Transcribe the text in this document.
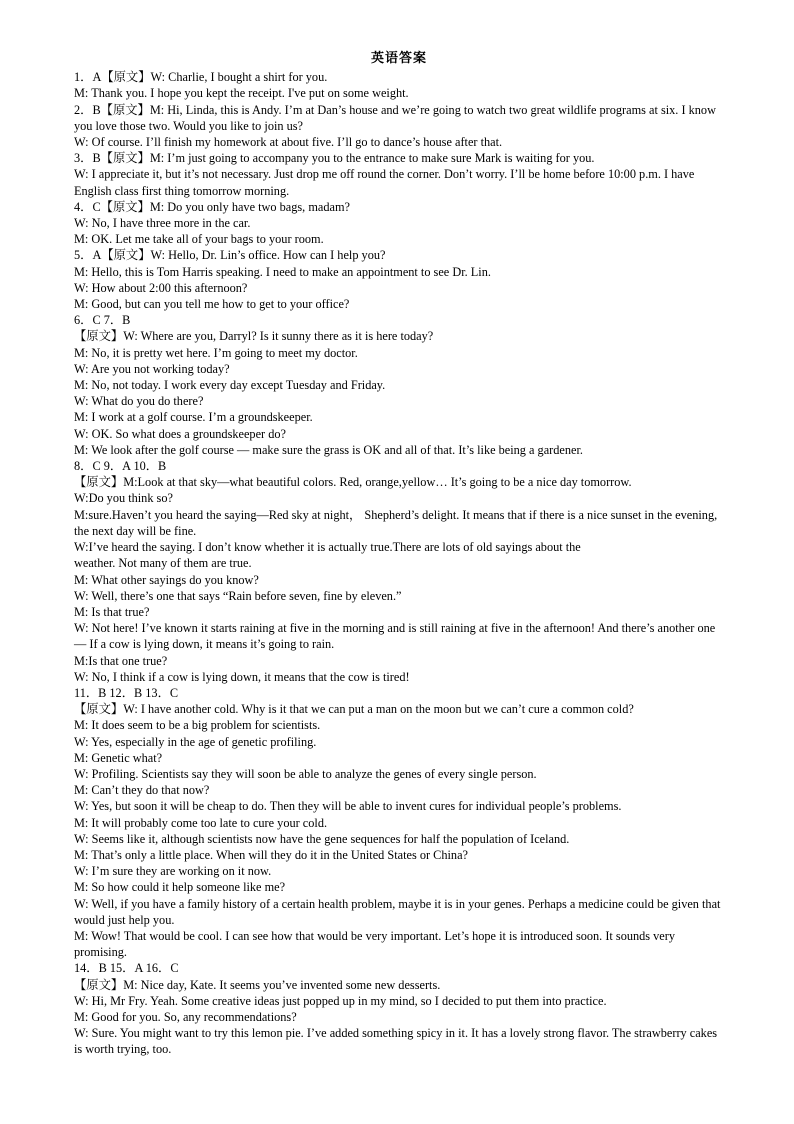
英语答案
1．A【原文】W: Charlie, I bought a shirt for you.
M: Thank you. I hope you kept the receipt. I've put on some weight.
2．B【原文】M: Hi, Linda, this is Andy. I’m at Dan’s house and we’re going to watch two great wildlife programs at six. I know you love those two. Would you like to join us?
W: Of course. I’ll finish my homework at about five. I’ll go to dance’s house after that.
3．B【原文】M: I’m just going to accompany you to the entrance to make sure Mark is waiting for you.
W: I appreciate it, but it’s not necessary. Just drop me off round the corner. Don’t worry. I’ll be home before 10:00 p.m. I have English class first thing tomorrow morning.
4．C【原文】M: Do you only have two bags, madam?
W: No, I have three more in the car.
M: OK. Let me take all of your bags to your room.
5．A【原文】W: Hello, Dr. Lin’s office. How can I help you?
M: Hello, this is Tom Harris speaking. I need to make an appointment to see Dr. Lin.
W: How about 2:00 this afternoon?
M: Good, but can you tell me how to get to your office?
6．C 7．B
【原文】W: Where are you, Darryl? Is it sunny there as it is here today?
M: No, it is pretty wet here. I’m going to meet my doctor.
W: Are you not working today?
M: No, not today. I work every day except Tuesday and Friday.
W: What do you do there?
M: I work at a golf course. I’m a groundskeeper.
W: OK. So what does a groundskeeper do?
M: We look after the golf course — make sure the grass is OK and all of that. It’s like being a gardener.
8．C 9．A 10．B
【原文】M:Look at that sky—what beautiful colors. Red, orange,yellow… It’s going to be a nice day tomorrow.
W:Do you think so?
M:sure.Haven’t you heard the saying—Red sky at night， Shepherd’s delight. It means that if there is a nice sunset in the evening, the next day will be fine.
W:I’ve heard the saying. I don’t know whether it is actually true.There are lots of old sayings about the
weather. Not many of them are true.
M: What other sayings do you know?
W: Well, there’s one that says “Rain before seven, fine by eleven.”
M: Is that true?
W: Not here! I’ve known it starts raining at five in the morning and is still raining at five in the afternoon! And there’s another one— If a cow is lying down, it means it’s going to rain.
M:Is that one true?
W: No, I think if a cow is lying down, it means that the cow is tired!
11．B 12．B 13．C
【原文】W: I have another cold. Why is it that we can put a man on the moon but we can’t cure a common cold?
M: It does seem to be a big problem for scientists.
W: Yes, especially in the age of genetic profiling.
M: Genetic what?
W: Profiling. Scientists say they will soon be able to analyze the genes of every single person.
M: Can’t they do that now?
W: Yes, but soon it will be cheap to do. Then they will be able to invent cures for individual people’s problems.
M: It will probably come too late to cure your cold.
W: Seems like it, although scientists now have the gene sequences for half the population of Iceland.
M: That’s only a little place. When will they do it in the United States or China?
W: I’m sure they are working on it now.
M: So how could it help someone like me?
W: Well, if you have a family history of a certain health problem, maybe it is in your genes. Perhaps a medicine could be given that would just help you.
M: Wow! That would be cool. I can see how that would be very important. Let’s hope it is introduced soon. It sounds very promising.
14．B 15．A 16．C
【原文】M: Nice day, Kate. It seems you’ve invented some new desserts.
W: Hi, Mr Fry. Yeah. Some creative ideas just popped up in my mind, so I decided to put them into practice.
M: Good for you. So, any recommendations?
W: Sure. You might want to try this lemon pie. I’ve added something spicy in it. It has a lovely strong flavor. The strawberry cakes is worth trying, too.
